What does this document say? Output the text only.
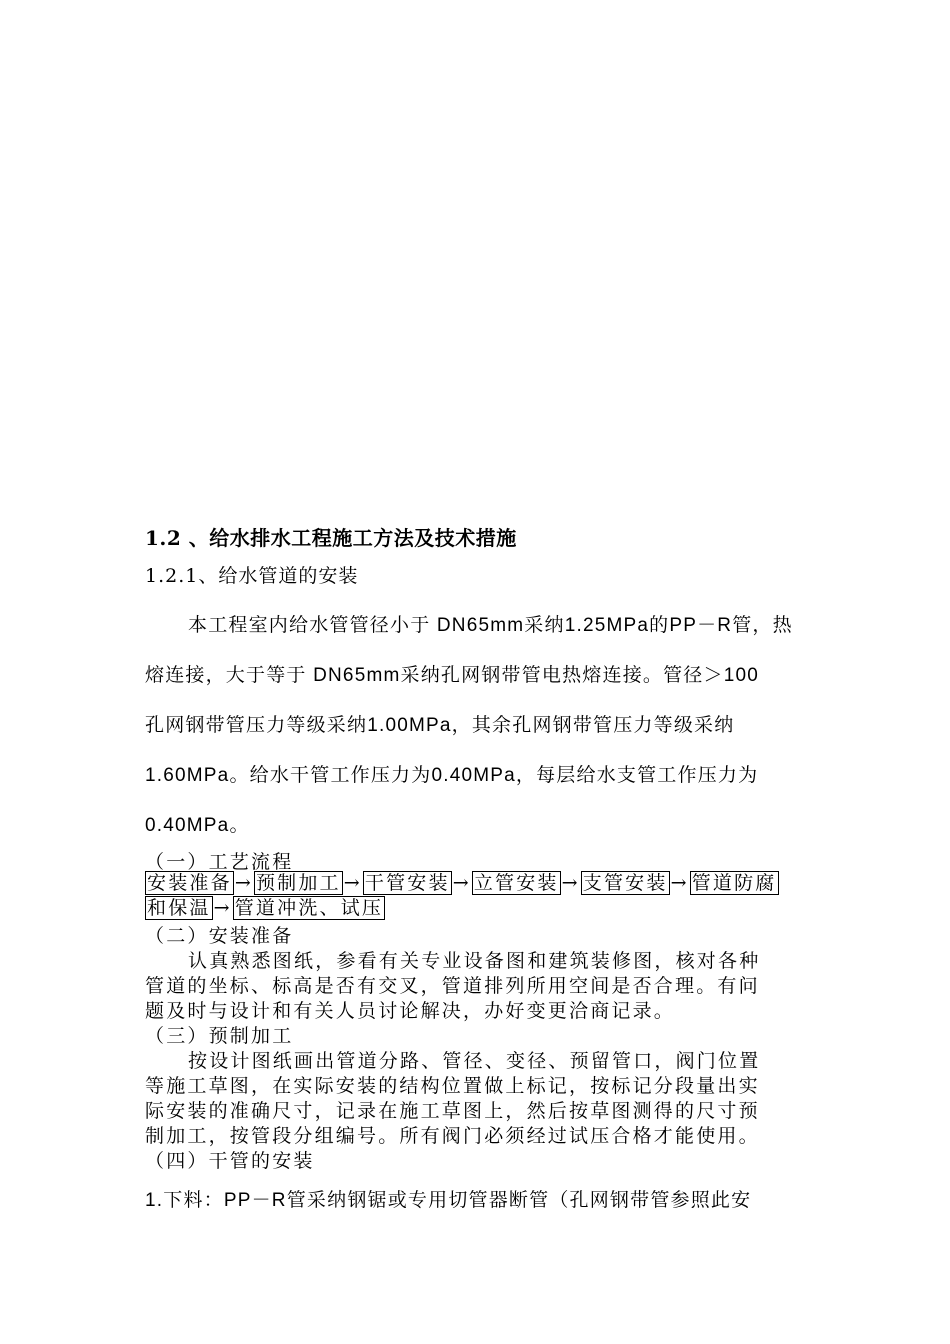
1.2 、给水排水工程施工方法及技术措施
1.2.1、给水管道的安装
本工程室内给水管管径小于 DN65mm采纳1.25MPa的PP－R管，热
熔连接，大于等于 DN65mm采纳孔网钢带管电热熔连接。管径＞100
孔网钢带管压力等级采纳1.00MPa，其余孔网钢带管压力等级采纳
1.60MPa。给水干管工作压力为0.40MPa，每层给水支管工作压力为
0.40MPa。
（一）工艺流程
安装准备 → 预制加工 → 干管安装 → 立管安装 → 支管安装 → 管道防腐
和保温 → 管道冲洗、试压
（二）安装准备
认真熟悉图纸，参看有关专业设备图和建筑装修图，核对各种
管道的坐标、标高是否有交叉，管道排列所用空间是否合理。有问
题及时与设计和有关人员讨论解决，办好变更洽商记录。
（三）预制加工
按设计图纸画出管道分路、管径、变径、预留管口，阀门位置
等施工草图，在实际安装的结构位置做上标记，按标记分段量出实
际安装的准确尺寸，记录在施工草图上，然后按草图测得的尺寸预
制加工，按管段分组编号。所有阀门必须经过试压合格才能使用。
（四）干管的安装
1.下料：PP－R管采纳钢锯或专用切管器断管（孔网钢带管参照此安
